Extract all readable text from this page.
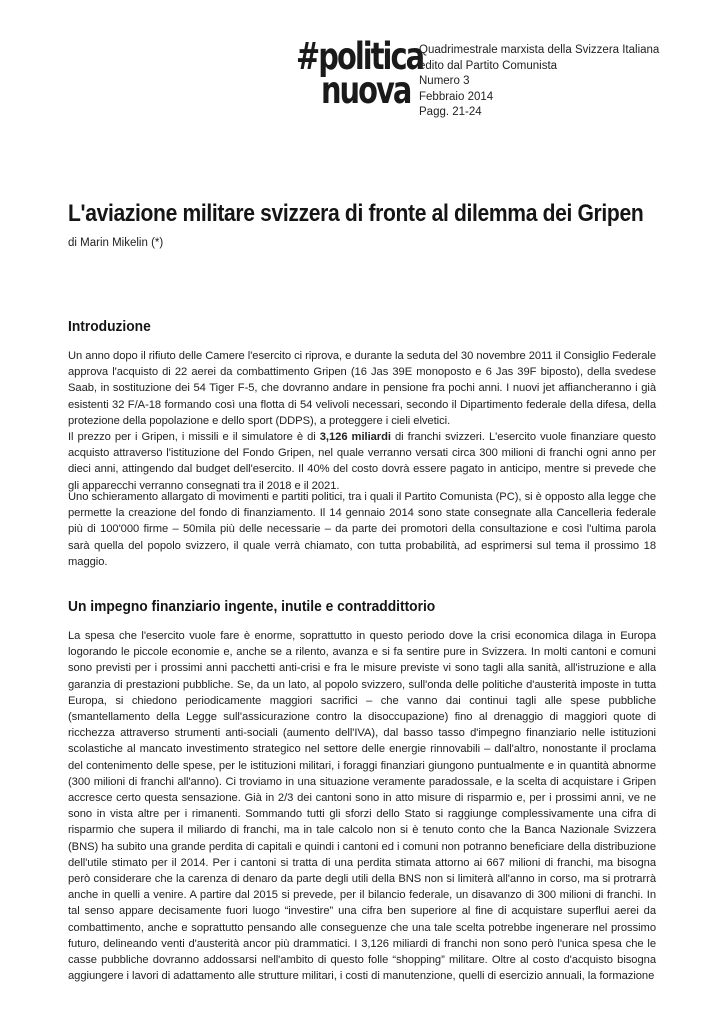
#politica
nuova
Quadrimestrale marxista della Svizzera Italiana
edito dal Partito Comunista
Numero 3
Febbraio 2014
Pagg. 21-24
L'aviazione militare svizzera di fronte al dilemma dei Gripen
di Marin Mikelin (*)
Introduzione

Un anno dopo il rifiuto delle Camere l'esercito ci riprova, e durante la seduta del 30 novembre 2011 il Consiglio Federale approva l'acquisto di 22 aerei da combattimento Gripen (16 Jas 39E monoposto e 6 Jas 39F biposto), della svedese Saab, in sostituzione dei 54 Tiger F-5, che dovranno andare in pensione fra pochi anni. I nuovi jet affiancheranno i già esistenti 32 F/A-18 formando così una flotta di 54 velivoli necessari, secondo il Dipartimento federale della difesa, della protezione della popolazione e dello sport (DDPS), a proteggere i cieli elvetici.

Il prezzo per i Gripen, i missili e il simulatore è di 3,126 miliardi di franchi svizzeri. L'esercito vuole finanziare questo acquisto attraverso l'istituzione del Fondo Gripen, nel quale verranno versati circa 300 milioni di franchi ogni anno per dieci anni, attingendo dal budget dell'esercito. Il 40% del costo dovrà essere pagato in anticipo, mentre si prevede che gli apparecchi verranno consegnati tra il 2018 e il 2021.

Uno schieramento allargato di movimenti e partiti politici, tra i quali il Partito Comunista (PC), si è opposto alla legge che permette la creazione del fondo di finanziamento. Il 14 gennaio 2014 sono state consegnate alla Cancelleria federale più di 100'000 firme – 50mila più delle necessarie – da parte dei promotori della consultazione e così l'ultima parola sarà quella del popolo svizzero, il quale verrà chiamato, con tutta probabilità, ad esprimersi sul tema il prossimo 18 maggio.

Un impegno finanziario ingente, inutile e contraddittorio

La spesa che l'esercito vuole fare è enorme, soprattutto in questo periodo dove la crisi economica dilaga in Europa logorando le piccole economie e, anche se a rilento, avanza e si fa sentire pure in Svizzera. In molti cantoni e comuni sono previsti per i prossimi anni pacchetti anti-crisi e fra le misure previste vi sono tagli alla sanità, all'istruzione e alla garanzia di prestazioni pubbliche. Se, da un lato, al popolo svizzero, sull'onda delle politiche d'austerità imposte in tutta Europa, si chiedono periodicamente maggiori sacrifici – che vanno dai continui tagli alle spese pubbliche (smantellamento della Legge sull'assicurazione contro la disoccupazione) fino al drenaggio di maggiori quote di ricchezza attraverso strumenti anti-sociali (aumento dell'IVA), dal basso tasso d'impegno finanziario nelle istituzioni scolastiche al mancato investimento strategico nel settore delle energie rinnovabili – dall'altro, nonostante il proclama del contenimento delle spese, per le istituzioni militari, i foraggi finanziari giungono puntualmente e in quantità abnorme (300 milioni di franchi all'anno). Ci troviamo in una situazione veramente paradossale, e la scelta di acquistare i Gripen accresce certo questa sensazione. Già in 2/3 dei cantoni sono in atto misure di risparmio e, per i prossimi anni, ve ne sono in vista altre per i rimanenti. Sommando tutti gli sforzi dello Stato si raggiunge complessivamente una cifra di risparmio che supera il miliardo di franchi, ma in tale calcolo non si è tenuto conto che la Banca Nazionale Svizzera (BNS) ha subito una grande perdita di capitali e quindi i cantoni ed i comuni non potranno beneficiare della distribuzione dell'utile stimato per il 2014. Per i cantoni si tratta di una perdita stimata attorno ai 667 milioni di franchi, ma bisogna però considerare che la carenza di denaro da parte degli utili della BNS non si limiterà all'anno in corso, ma si protrarrà anche in quelli a venire. A partire dal 2015 si prevede, per il bilancio federale, un disavanzo di 300 milioni di franchi. In tal senso appare decisamente fuori luogo “investire” una cifra ben superiore al fine di acquistare superflui aerei da combattimento, anche e soprattutto pensando alle conseguenze che una tale scelta potrebbe ingenerare nel prossimo futuro, delineando venti d'austerità ancor più drammatici. I 3,126 miliardi di franchi non sono però l'unica spesa che le casse pubbliche dovranno addossarsi nell'ambito di questo folle “shopping” militare. Oltre al costo d'acquisto bisogna aggiungere i lavori di adattamento alle strutture militari, i costi di manutenzione, quelli di esercizio annuali, la formazione
